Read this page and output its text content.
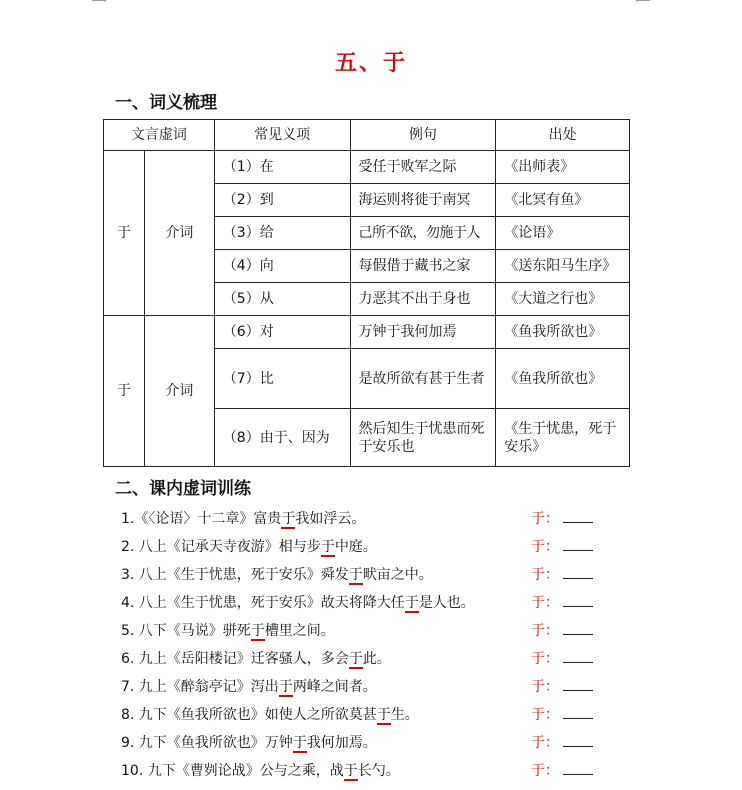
五、于
一、词义梳理
文言虚词		常见义项	例句	出处
于	介词	（1）在	受任于败军之际	《出师表》
		（2）到	海运则将徙于南冥	《北冥有鱼》
		（3）给	己所不欲，勿施于人	《论语》
		（4）向	每假借于藏书之家	《送东阳马生序》
		（5）从	力恶其不出于身也	《大道之行也》
于	介词	（6）对	万钟于我何加焉	《鱼我所欲也》
		（7）比	是故所欲有甚于生者	《鱼我所欲也》
		（8）由于、因为	然后知生于忧患而死于安乐也	《生于忧患，死于安乐》
二、课内虚词训练
1.《〈论语〉十二章》富贵于我如浮云。	于：
2. 八上《记承天寺夜游》相与步于中庭。	于：
3. 八上《生于忧患，死于安乐》舜发于畎亩之中。	于：
4. 八上《生于忧患，死于安乐》故天将降大任于是人也。	于：
5. 八下《马说》骈死于槽里之间。	于：
6. 九上《岳阳楼记》迁客骚人，多会于此。	于：
7. 九上《醉翁亭记》泻出于两峰之间者。	于：
8. 九下《鱼我所欲也》如使人之所欲莫甚于生。	于：
9. 九下《鱼我所欲也》万钟于我何加焉。	于：
10. 九下《曹刿论战》公与之乘，战于长勺。	于：
